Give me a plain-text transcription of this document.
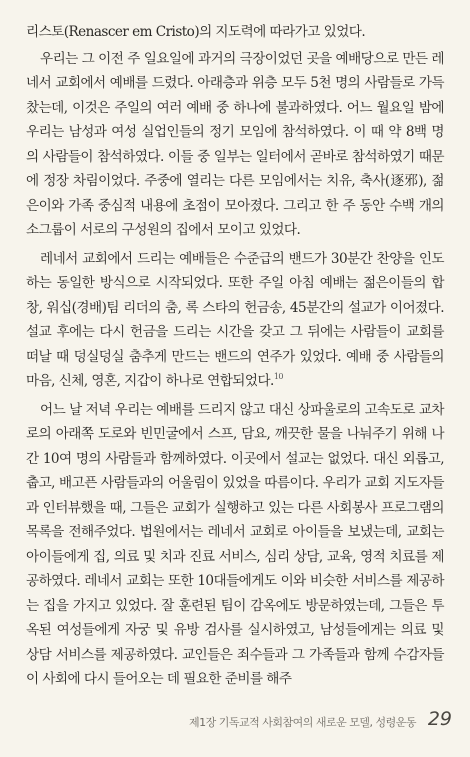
리스토(Renascer em Cristo)의 지도력에 따라가고 있었다.

우리는 그 이전 주 일요일에 과거의 극장이었던 곳을 예배당으로 만든 레네서 교회에서 예배를 드렸다. 아래층과 위층 모두 5천 명의 사람들로 가득 찼는데, 이것은 주일의 여러 예배 중 하나에 불과하였다. 어느 월요일 밤에 우리는 남성과 여성 실업인들의 정기 모임에 참석하였다. 이 때 약 8백 명의 사람들이 참석하였다. 이들 중 일부는 일터에서 곧바로 참석하였기 때문에 정장 차림이었다. 주중에 열리는 다른 모임에서는 치유, 축사(逐邪), 젊은이와 가족 중심적 내용에 초점이 모아졌다. 그리고 한 주 동안 수백 개의 소그룹이 서로의 구성원의 집에서 모이고 있었다.

레네서 교회에서 드리는 예배들은 수준급의 밴드가 30분간 찬양을 인도하는 동일한 방식으로 시작되었다. 또한 주일 아침 예배는 젊은이들의 합창, 워십(경배)팀 리더의 춤, 록 스타의 헌금송, 45분간의 설교가 이어졌다. 설교 후에는 다시 헌금을 드리는 시간을 갖고 그 뒤에는 사람들이 교회를 떠날 때 덩실덩실 춤추게 만드는 밴드의 연주가 있었다. 예배 중 사람들의 마음, 신체, 영혼, 지갑이 하나로 연합되었다.$^{10}$

어느 날 저녁 우리는 예배를 드리지 않고 대신 상파울로의 고속도로 교차로의 아래쪽 도로와 빈민굴에서 스프, 담요, 깨끗한 물을 나눠주기 위해 나간 10여 명의 사람들과 함께하였다. 이곳에서 설교는 없었다. 대신 외롭고, 춥고, 배고픈 사람들과의 어울림이 있었을 따름이다. 우리가 교회 지도자들과 인터뷰했을 때, 그들은 교회가 실행하고 있는 다른 사회봉사 프로그램의 목록을 전해주었다. 법원에서는 레네서 교회로 아이들을 보냈는데, 교회는 아이들에게 집, 의료 및 치과 진료 서비스, 심리 상담, 교육, 영적 치료를 제공하였다. 레네서 교회는 또한 10대들에게도 이와 비슷한 서비스를 제공하는 집을 가지고 있었다. 잘 훈련된 팀이 감옥에도 방문하였는데, 그들은 투옥된 여성들에게 자궁 및 유방 검사를 실시하였고, 남성들에게는 의료 및 상담 서비스를 제공하였다. 교인들은 죄수들과 그 가족들과 함께 수감자들이 사회에 다시 들어오는 데 필요한 준비를 해주

제1장 기독교적 사회참여의 새로운 모델, 성령운동 29
